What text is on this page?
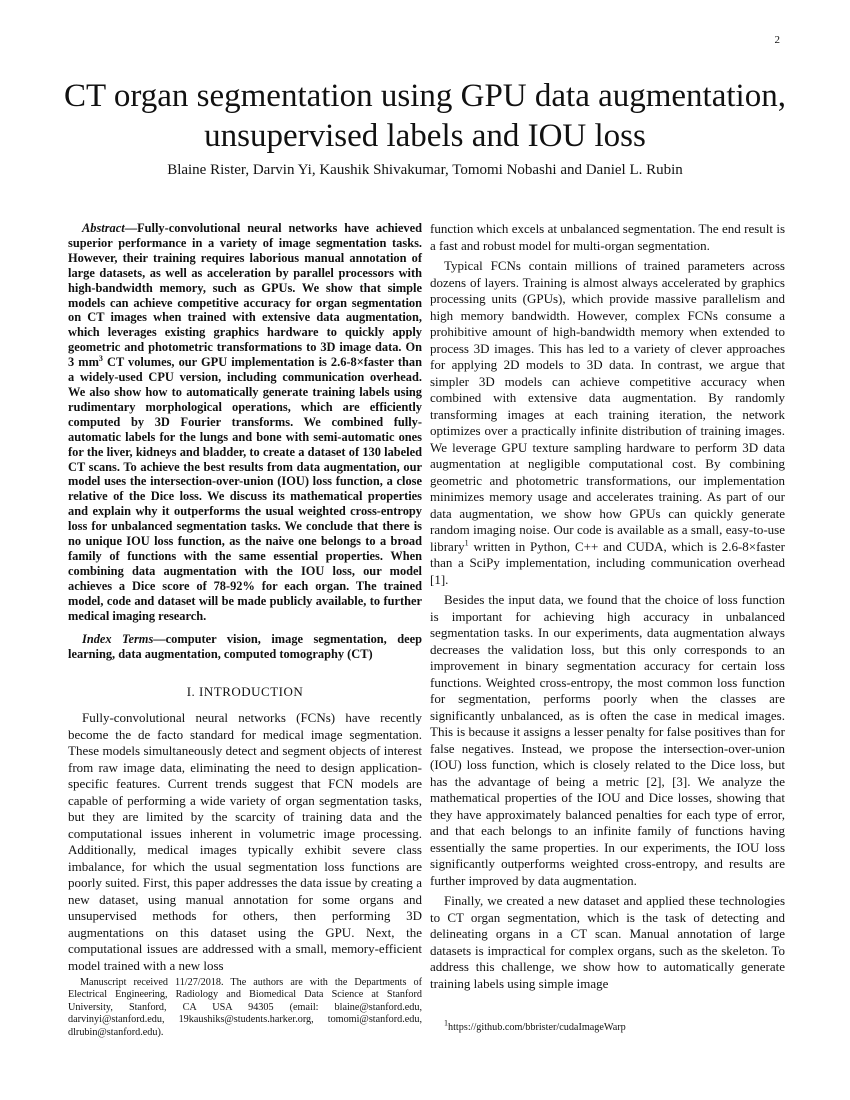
2
CT organ segmentation using GPU data augmentation, unsupervised labels and IOU loss

Blaine Rister, Darvin Yi, Kaushik Shivakumar, Tomomi Nobashi and Daniel L. Rubin

Abstract—Fully-convolutional neural networks have achieved superior performance in a variety of image segmentation tasks. However, their training requires laborious manual annotation of large datasets, as well as acceleration by parallel processors with high-bandwidth memory, such as GPUs. We show that simple models can achieve competitive accuracy for organ segmentation on CT images when trained with extensive data augmentation, which leverages existing graphics hardware to quickly apply geometric and photometric transformations to 3D image data. On 3 $mm^3$ CT volumes, our GPU implementation is 2.6-8×faster than a widely-used CPU version, including communication overhead. We also show how to automatically generate training labels using rudimentary morphological operations, which are efficiently computed by 3D Fourier transforms. We combined fully-automatic labels for the lungs and bone with semi-automatic ones for the liver, kidneys and bladder, to create a dataset of 130 labeled CT scans. To achieve the best results from data augmentation, our model uses the intersection-over-union (IOU) loss function, a close relative of the Dice loss. We discuss its mathematical properties and explain why it outperforms the usual weighted cross-entropy loss for unbalanced segmentation tasks. We conclude that there is no unique IOU loss function, as the naive one belongs to a broad family of functions with the same essential properties. When combining data augmentation with the IOU loss, our model achieves a Dice score of 78-92% for each organ. The trained model, code and dataset will be made publicly available, to further medical imaging research.

Index Terms—computer vision, image segmentation, deep learning, data augmentation, computed tomography (CT)

I. INTRODUCTION

Fully-convolutional neural networks (FCNs) have recently become the de facto standard for medical image segmentation. These models simultaneously detect and segment objects of interest from raw image data, eliminating the need to design application-specific features. Current trends suggest that FCN models are capable of performing a wide variety of organ segmentation tasks, but they are limited by the scarcity of training data and the computational issues inherent in volumetric image processing. Additionally, medical images typically exhibit severe class imbalance, for which the usual segmentation loss functions are poorly suited. First, this paper addresses the data issue by creating a new dataset, using manual annotation for some organs and unsupervised methods for others, then performing 3D augmentations on this dataset using the GPU. Next, the computational issues are addressed with a small, memory-efficient model trained with a new loss

function which excels at unbalanced segmentation. The end result is a fast and robust model for multi-organ segmentation.

Typical FCNs contain millions of trained parameters across dozens of layers. Training is almost always accelerated by graphics processing units (GPUs), which provide massive parallelism and high memory bandwidth. However, complex FCNs consume a prohibitive amount of high-bandwidth memory when extended to process 3D images. This has led to a variety of clever approaches for applying 2D models to 3D data. In contrast, we argue that simpler 3D models can achieve competitive accuracy when combined with extensive data augmentation. By randomly transforming images at each training iteration, the network optimizes over a practically infinite distribution of training images. We leverage GPU texture sampling hardware to perform 3D data augmentation at negligible computational cost. By combining geometric and photometric transformations, our implementation minimizes memory usage and accelerates training. As part of our data augmentation, we show how GPUs can quickly generate random imaging noise. Our code is available as a small, easy-to-use library$^1$ written in Python, C++ and CUDA, which is 2.6-8×faster than a SciPy implementation, including communication overhead [1].

Besides the input data, we found that the choice of loss function is important for achieving high accuracy in unbalanced segmentation tasks. In our experiments, data augmentation always decreases the validation loss, but this only corresponds to an improvement in binary segmentation accuracy for certain loss functions. Weighted cross-entropy, the most common loss function for segmentation, performs poorly when the classes are significantly unbalanced, as is often the case in medical images. This is because it assigns a lesser penalty for false positives than for false negatives. Instead, we propose the intersection-over-union (IOU) loss function, which is closely related to the Dice loss, but has the advantage of being a metric [2], [3]. We analyze the mathematical properties of the IOU and Dice losses, showing that they have approximately balanced penalties for each type of error, and that each belongs to an infinite family of functions having essentially the same properties. In our experiments, the IOU loss significantly outperforms weighted cross-entropy, and results are further improved by data augmentation.

Finally, we created a new dataset and applied these technologies to CT organ segmentation, which is the task of detecting and delineating organs in a CT scan. Manual annotation of large datasets is impractical for complex organs, such as the skeleton. To address this challenge, we show how to automatically generate training labels using simple image

Manuscript received 11/27/2018. The authors are with the Departments of Electrical Engineering, Radiology and Biomedical Data Science at Stanford University, Stanford, CA USA 94305 (email: blaine@stanford.edu, darvinyi@stanford.edu, 19kaushiks@students.harker.org, tomomi@stanford.edu, dlrubin@stanford.edu).

$^1$https://github.com/bbrister/cudaImageWarp
